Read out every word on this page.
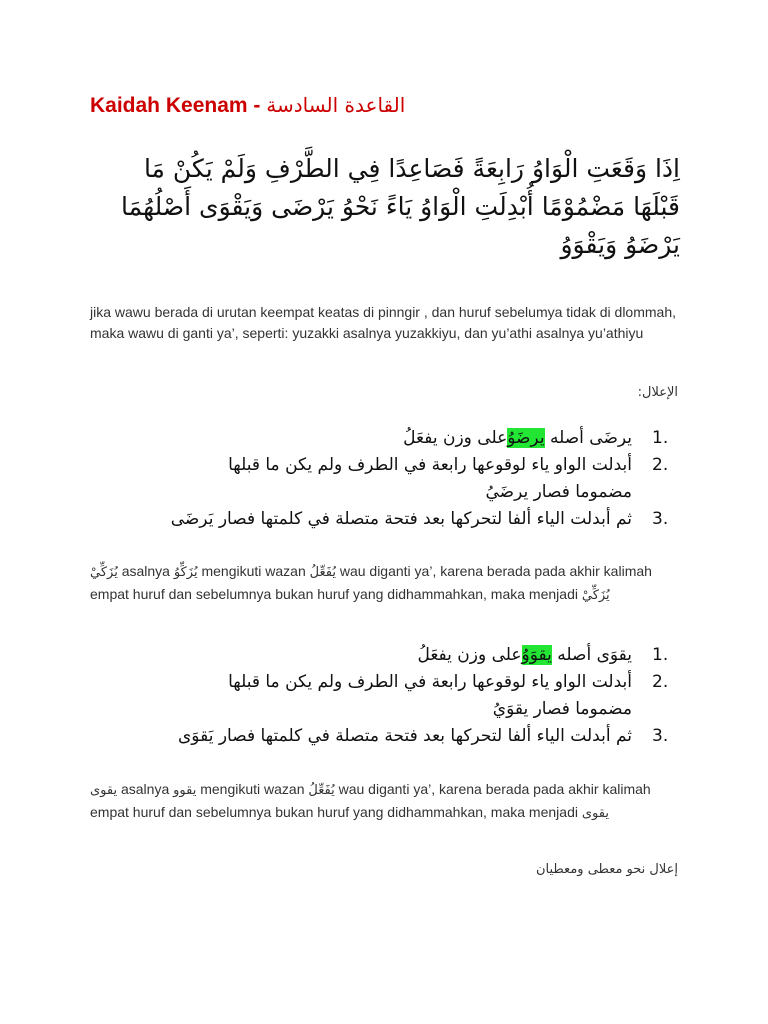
Kaidah Keenam - القاعدة السادسة
اِذَا وَقَعَتِ الْوَاوُ رَابِعَةً فَصَاعِدًا فِي الطَّرْفِ وَلَمْ يَكُنْ مَا
قَبْلَهَا مَضْمُوْمًا أُبْدِلَتِ الْوَاوُ يَاءً نَحْوُ يَرْضَى وَيَقْوَى أَصْلُهُمَا
يَرْضَوُ وَيَقْوَوُ
jika wawu berada di urutan keempat keatas di pinngir , dan huruf sebelumya tidak di dlommah, maka wawu di ganti ya’, seperti: yuzakki asalnya yuzakkiyu, dan yu’athi asalnya yu’athiyu
الإعلال:
1.
يرضَى أصله يرضَوُعلى وزن يفعَلُ
2.
أبدلت الواو ياء لوقوعها رابعة في الطرف ولم يكن ما قبلها
مضموما فصار يرضَيُ
3.
ثم أبدلت الياء ألفا لتحركها بعد فتحة متصلة في كلمتها فصار يَرضَى
يُزَكِّيْ asalnya يُزَكِّوُ mengikuti wazan يُفَعِّلُ wau diganti ya’, karena berada pada akhir kalimah empat huruf dan sebelumnya bukan huruf yang didhammahkan, maka menjadi يُزَكِّيْ
1.
يقوَى أصله يقوَوُعلى وزن يفعَلُ
2.
أبدلت الواو ياء لوقوعها رابعة في الطرف ولم يكن ما قبلها
مضموما فصار يقوَيُ
3.
ثم أبدلت الياء ألفا لتحركها بعد فتحة متصلة في كلمتها فصار يَقوَى
يقوى asalnya يقوو mengikuti wazan يُفَعِّلُ wau diganti ya’, karena berada pada akhir kalimah empat huruf dan sebelumnya bukan huruf yang didhammahkan, maka menjadi يقوى
إعلال نحو معطى ومعطيان
